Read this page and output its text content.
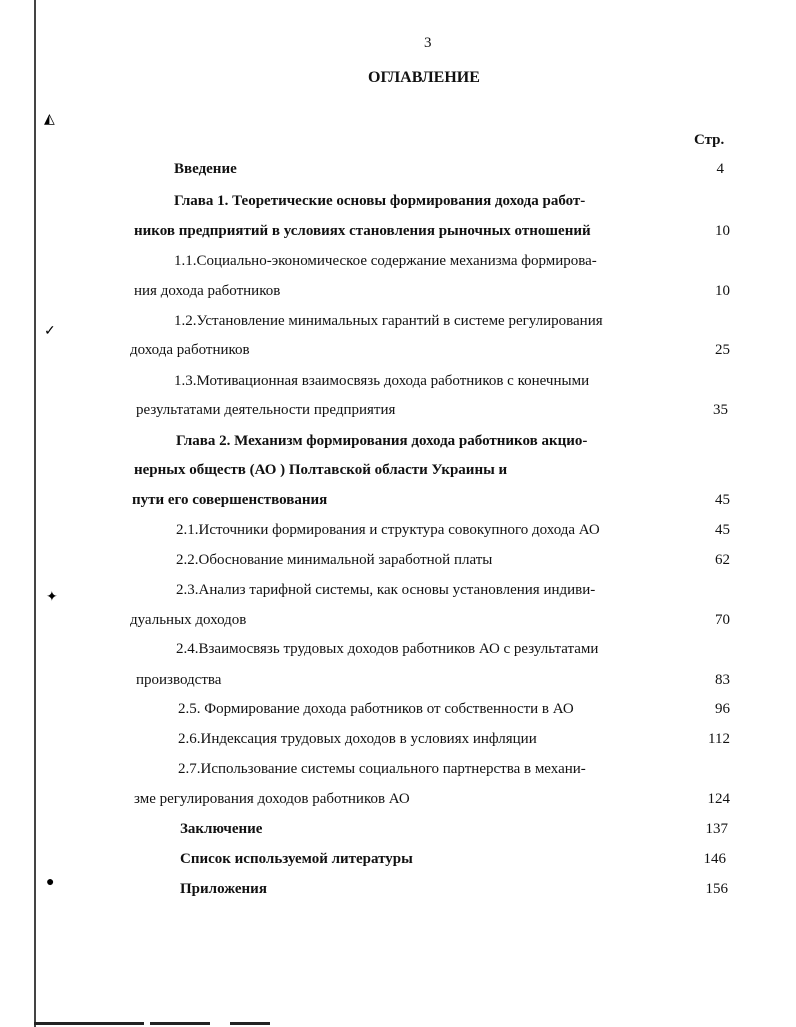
◭
✓
✦
●
3
ОГЛАВЛЕНИЕ
Стр.
Введение	4
Глава 1. Теоретические основы формирования дохода работ-
ников предприятий в условиях становления рыночных отношений	10
1.1.Социально-экономическое содержание механизма формирова-
ния дохода работников	10
1.2.Установление минимальных гарантий в системе регулирования
дохода работников	25
1.3.Мотивационная взаимосвязь дохода работников с конечными
результатами деятельности предприятия	35
Глава 2. Механизм формирования дохода работников акцио-
нерных обществ (АО ) Полтавской области Украины и
пути его совершенствования	45
2.1.Источники формирования и структура совокупного дохода АО	45
2.2.Обоснование минимальной заработной платы	62
2.3.Анализ тарифной системы, как основы установления индиви-
дуальных доходов	70
2.4.Взаимосвязь трудовых доходов работников АО с результатами
производства	83
2.5. Формирование дохода работников от собственности в АО	96
2.6.Индексация трудовых доходов в условиях инфляции	112
2.7.Использование системы социального партнерства в механи-
зме регулирования доходов работников АО	124
Заключение	137
Список используемой литературы	146
Приложения	156
